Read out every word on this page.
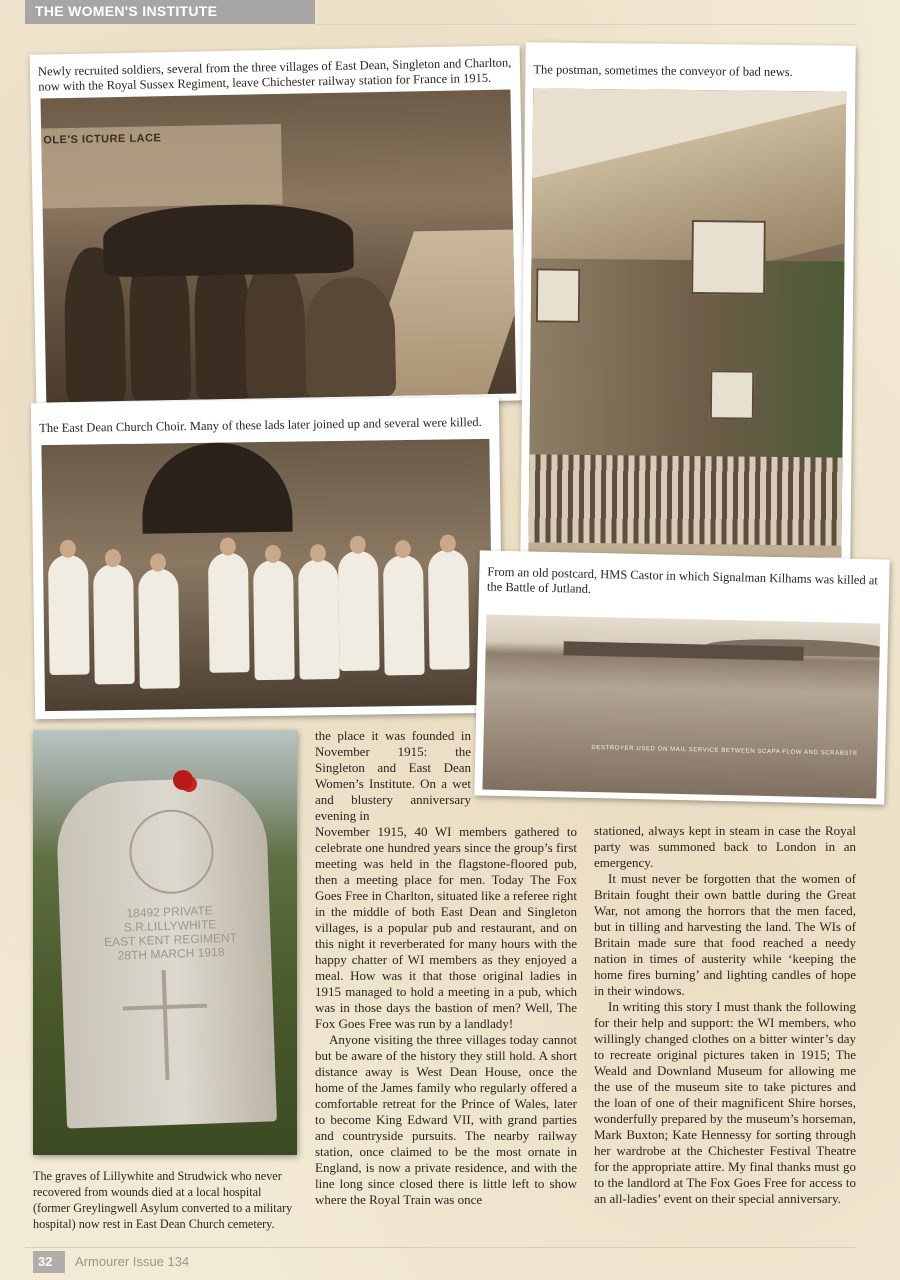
THE WOMEN'S INSTITUTE
Newly recruited soldiers, several from the three villages of East Dean, Singleton and Charlton, now with the Royal Sussex Regiment, leave Chichester railway station for France in 1915.
OLE'S ICTURE LACE
The postman, sometimes the conveyor of bad news.
The East Dean Church Choir. Many of these lads later joined up and several were killed.
From an old postcard, HMS Castor in which Signalman Kilhams was killed at the Battle of Jutland.
DESTROYER USED ON MAIL SERVICE BETWEEN SCAPA FLOW AND SCRABSTE
18492 PRIVATE
S.R.LILLYWHITE
EAST KENT REGIMENT
28TH MARCH 1918
The graves of Lillywhite and Strudwick who never recovered from wounds died at a local hospital (former Greylingwell Asylum converted to a military hospital) now rest in East Dean Church cemetery.

the place it was founded in November 1915: the Singleton and East Dean Women’s Institute. On a wet and blustery anniversary evening in

November 1915, 40 WI members gathered to celebrate one hundred years since the group’s first meeting was held in the flagstone-floored pub, then a meeting place for men. Today The Fox Goes Free in Charlton, situated like a referee right in the middle of both East Dean and Singleton villages, is a popular pub and restaurant, and on this night it reverberated for many hours with the happy chatter of WI members as they enjoyed a meal. How was it that those original ladies in 1915 managed to hold a meeting in a pub, which was in those days the bastion of men? Well, The Fox Goes Free was run by a landlady!

Anyone visiting the three villages today cannot but be aware of the history they still hold. A short distance away is West Dean House, once the home of the James family who regularly offered a comfortable retreat for the Prince of Wales, later to become King Edward VII, with grand parties and countryside pursuits. The nearby railway station, once claimed to be the most ornate in England, is now a private residence, and with the line long since closed there is little left to show where the Royal Train was once

stationed, always kept in steam in case the Royal party was summoned back to London in an emergency.

It must never be forgotten that the women of Britain fought their own battle during the Great War, not among the horrors that the men faced, but in tilling and harvesting the land. The WIs of Britain made sure that food reached a needy nation in times of austerity while ‘keeping the home fires burning’ and lighting candles of hope in their windows.

In writing this story I must thank the following for their help and support: the WI members, who willingly changed clothes on a bitter winter’s day to recreate original pictures taken in 1915; The Weald and Downland Museum for allowing me the use of the museum site to take pictures and the loan of one of their magnificent Shire horses, wonderfully prepared by the museum’s horseman, Mark Buxton; Kate Hennessy for sorting through her wardrobe at the Chichester Festival Theatre for the appropriate attire. My final thanks must go to the landlord at The Fox Goes Free for access to an all-ladies’ event on their special anniversary.

32 Armourer Issue 134
